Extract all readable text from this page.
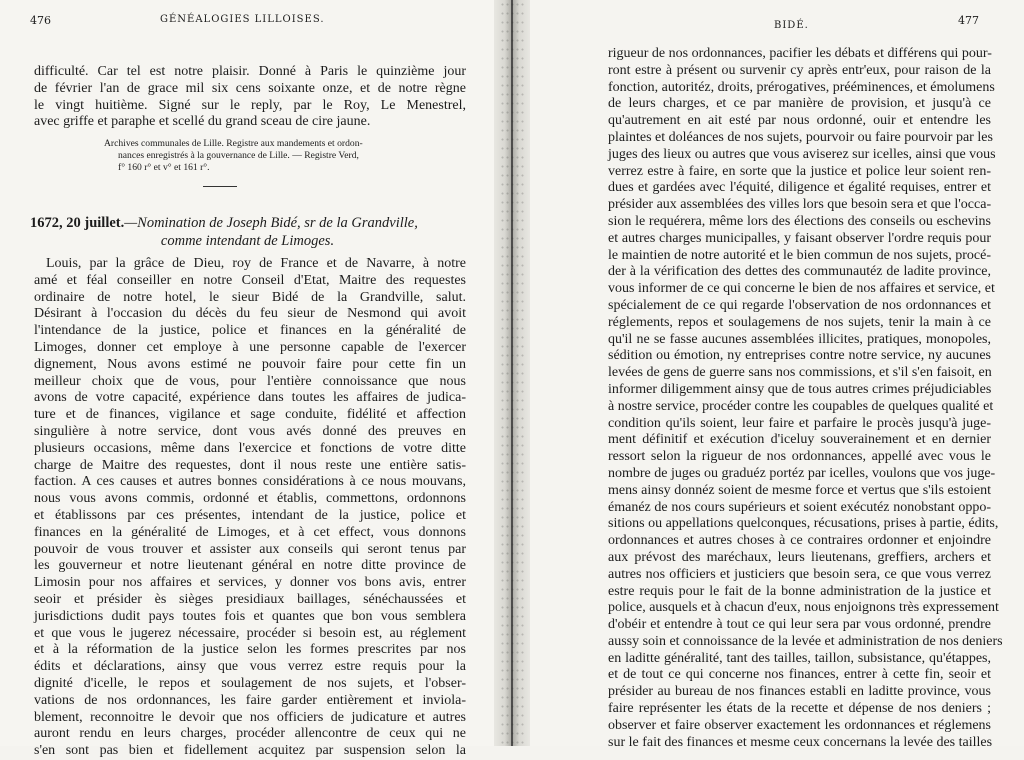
476	GÉNÉALOGIES LILLOISES.
difficulté. Car tel est notre plaisir. Donné à Paris le quinzième jour
de février l'an de grace mil six cens soixante onze, et de notre règne
le vingt huitième. Signé sur le reply, par le Roy, Le Menestrel,
avec griffe et paraphe et scellé du grand sceau de cire jaune.
Archives communales de Lille. Registre aux mandements et ordon-
nances enregistrés à la gouvernance de Lille. — Registre Verd,
f° 160 r° et v° et 161 r°.
1672, 20 juillet.—Nomination de Joseph Bidé, sr de la Grandville,
comme intendant de Limoges.
Louis, par la grâce de Dieu, roy de France et de Navarre, à notre
amé et féal conseiller en notre Conseil d'Etat, Maitre des requestes
ordinaire de notre hotel, le sieur Bidé de la Grandville, salut.
Désirant à l'occasion du décès du feu sieur de Nesmond qui avoit
l'intendance de la justice, police et finances en la généralité de
Limoges, donner cet employe à une personne capable de l'exercer
dignement, Nous avons estimé ne pouvoir faire pour cette fin un
meilleur choix que de vous, pour l'entière connoissance que nous
avons de votre capacité, expérience dans toutes les affaires de judica-
ture et de finances, vigilance et sage conduite, fidélité et affection
singulière à notre service, dont vous avés donné des preuves en
plusieurs occasions, même dans l'exercice et fonctions de votre ditte
charge de Maitre des requestes, dont il nous reste une entière satis-
faction. A ces causes et autres bonnes considérations à ce nous mouvans,
nous vous avons commis, ordonné et établis, commettons, ordonnons
et établissons par ces présentes, intendant de la justice, police et
finances en la généralité de Limoges, et à cet effect, vous donnons
pouvoir de vous trouver et assister aux conseils qui seront tenus par
les gouverneur et notre lieutenant général en notre ditte province de
Limosin pour nos affaires et services, y donner vos bons avis, entrer
seoir et présider ès sièges presidiaux baillages, sénéchaussées et
jurisdictions dudit pays toutes fois et quantes que bon vous semblera
et que vous le jugerez nécessaire, procéder si besoin est, au réglement
et à la réformation de la justice selon les formes prescrites par nos
édits et déclarations, ainsy que vous verrez estre requis pour la
dignité d'icelle, le repos et soulagement de nos sujets, et l'obser-
vations de nos ordonnances, les faire garder entièrement et inviola-
blement, reconnoitre le devoir que nos officiers de judicature et autres
auront rendu en leurs charges, procéder allencontre de ceux qui ne
s'en sont pas bien et fidellement acquitez par suspension selon la
BIDÉ.	477
rigueur de nos ordonnances, pacifier les débats et différens qui pour-
ront estre à présent ou survenir cy après entr'eux, pour raison de la
fonction, autoritéz, droits, prérogatives, prééminences, et émolumens
de leurs charges, et ce par manière de provision, et jusqu'à ce
qu'autrement en ait esté par nous ordonné, ouir et entendre les
plaintes et doléances de nos sujets, pourvoir ou faire pourvoir par les
juges des lieux ou autres que vous aviserez sur icelles, ainsi que vous
verrez estre à faire, en sorte que la justice et police leur soient ren-
dues et gardées avec l'équité, diligence et égalité requises, entrer et
présider aux assemblées des villes lors que besoin sera et que l'occa-
sion le requérera, même lors des élections des conseils ou eschevins
et autres charges municipalles, y faisant observer l'ordre requis pour
le maintien de notre autorité et le bien commun de nos sujets, procé-
der à la vérification des dettes des communautéz de ladite province,
vous informer de ce qui concerne le bien de nos affaires et service, et
spécialement de ce qui regarde l'observation de nos ordonnances et
réglements, repos et soulagemens de nos sujets, tenir la main à ce
qu'il ne se fasse aucunes assemblées illicites, pratiques, monopoles,
sédition ou émotion, ny entreprises contre notre service, ny aucunes
levées de gens de guerre sans nos commissions, et s'il s'en faisoit, en
informer diligemment ainsy que de tous autres crimes préjudiciables
à nostre service, procéder contre les coupables de quelques qualité et
condition qu'ils soient, leur faire et parfaire le procès jusqu'à juge-
ment définitif et exécution d'iceluy souverainement et en dernier
ressort selon la rigueur de nos ordonnances, appellé avec vous le
nombre de juges ou graduéz portéz par icelles, voulons que vos juge-
mens ainsy donnéz soient de mesme force et vertus que s'ils estoient
émanéz de nos cours supérieurs et soient exécutéz nonobstant oppo-
sitions ou appellations quelconques, récusations, prises à partie, édits,
ordonnances et autres choses à ce contraires ordonner et enjoindre
aux prévost des maréchaux, leurs lieutenans, greffiers, archers et
autres nos officiers et justiciers que besoin sera, ce que vous verrez
estre requis pour le fait de la bonne administration de la justice et
police, ausquels et à chacun d'eux, nous enjoignons très expressement
d'obéir et entendre à tout ce qui leur sera par vous ordonné, prendre
aussy soin et connoissance de la levée et administration de nos deniers
en laditte généralité, tant des tailles, taillon, subsistance, qu'étappes,
et de tout ce qui concerne nos finances, entrer à cette fin, seoir et
présider au bureau de nos finances establi en laditte province, vous
faire représenter les états de la recette et dépense de nos deniers ;
observer et faire observer exactement les ordonnances et réglemens
sur le fait des finances et mesme ceux concernans la levée des tailles
